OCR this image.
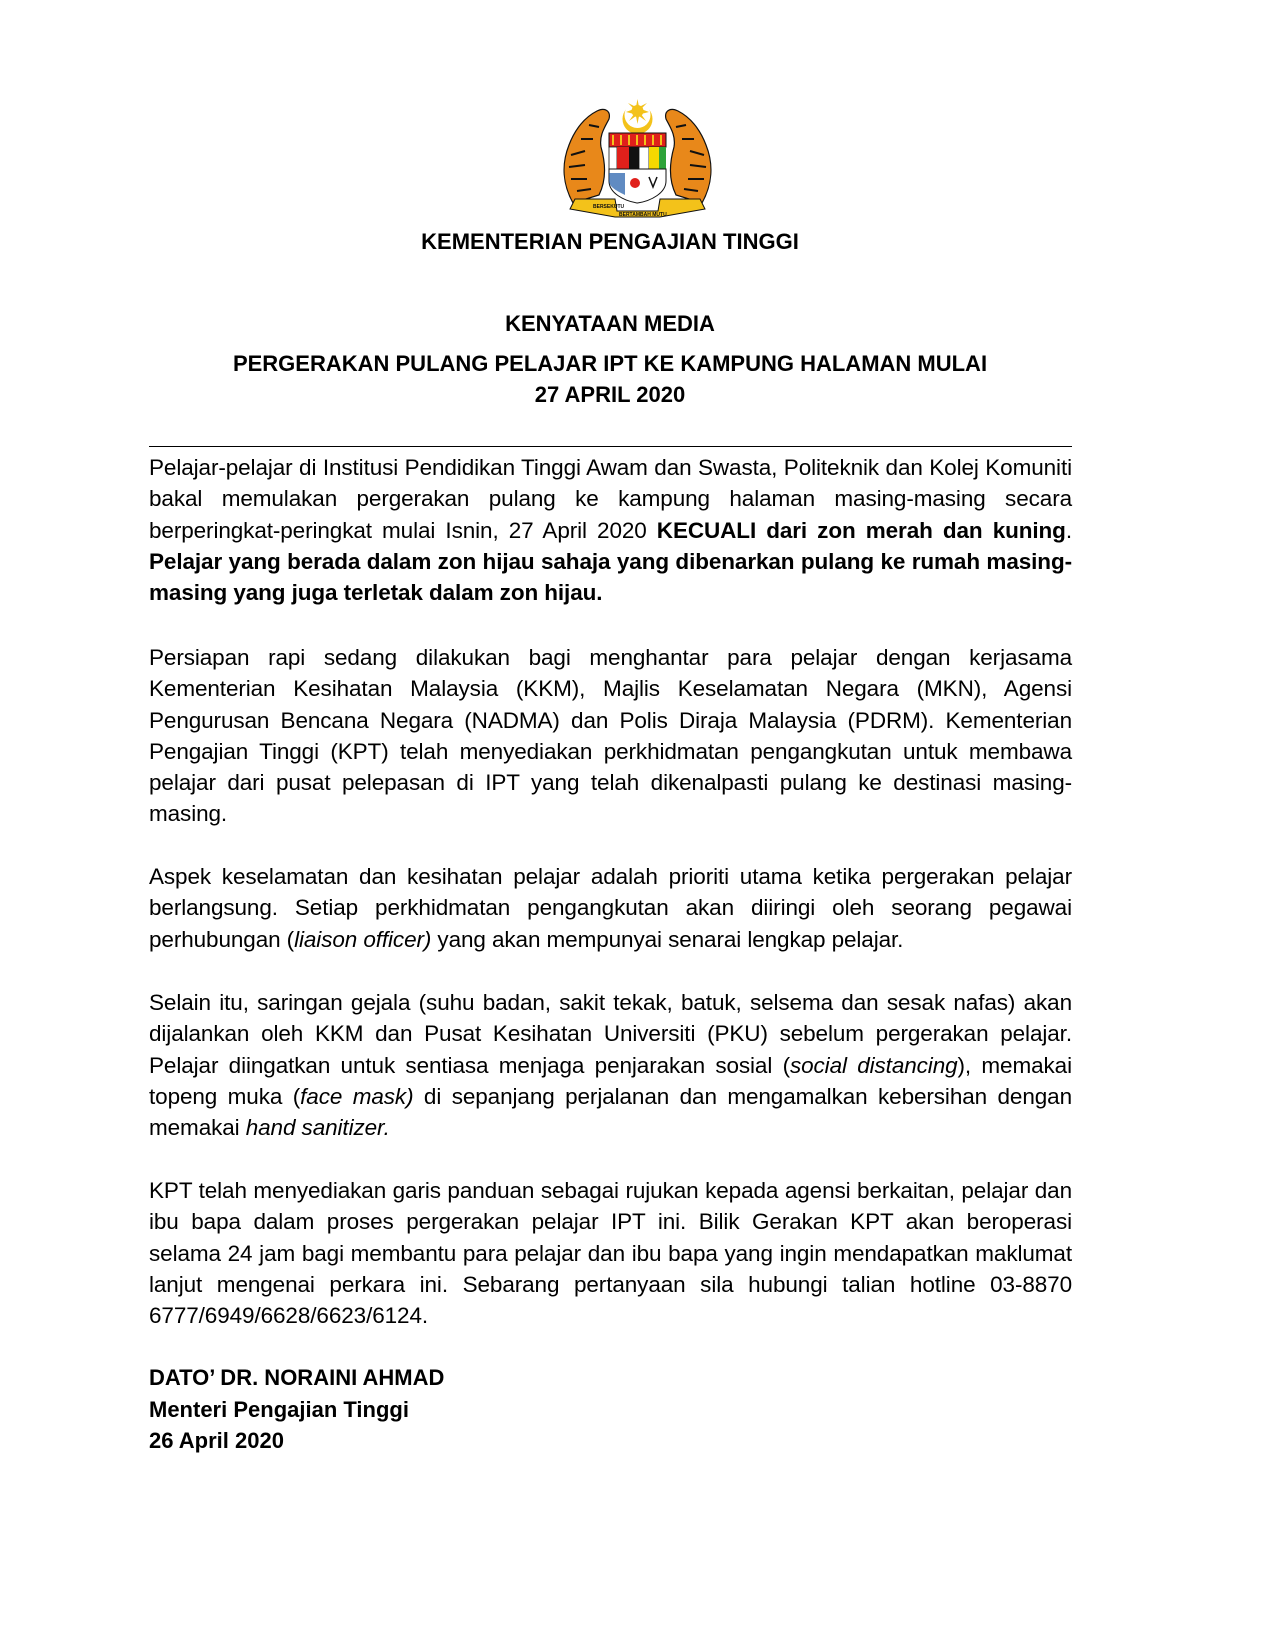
BERSEKUTU
BERTAMBAH MUTU
KEMENTERIAN PENGAJIAN TINGGI
KENYATAAN MEDIA
PERGERAKAN PULANG PELAJAR IPT KE KAMPUNG HALAMAN MULAI
27 APRIL 2020
Pelajar-pelajar di Institusi Pendidikan Tinggi Awam dan Swasta, Politeknik dan Kolej Komuniti bakal memulakan pergerakan pulang ke kampung halaman masing-masing secara berperingkat-peringkat mulai Isnin, 27 April 2020 KECUALI dari zon merah dan kuning. Pelajar yang berada dalam zon hijau sahaja yang dibenarkan pulang ke rumah masing-masing yang juga terletak dalam zon hijau.
Persiapan rapi sedang dilakukan bagi menghantar para pelajar dengan kerjasama Kementerian Kesihatan Malaysia (KKM), Majlis Keselamatan Negara (MKN), Agensi Pengurusan Bencana Negara (NADMA) dan Polis Diraja Malaysia (PDRM). Kementerian Pengajian Tinggi (KPT) telah menyediakan perkhidmatan pengangkutan untuk membawa pelajar dari pusat pelepasan di IPT yang telah dikenalpasti pulang ke destinasi masing-masing.
Aspek keselamatan dan kesihatan pelajar adalah prioriti utama ketika pergerakan pelajar berlangsung. Setiap perkhidmatan pengangkutan akan diiringi oleh seorang pegawai perhubungan (liaison officer) yang akan mempunyai senarai lengkap pelajar.
Selain itu, saringan gejala (suhu badan, sakit tekak, batuk, selsema dan sesak nafas) akan dijalankan oleh KKM dan Pusat Kesihatan Universiti (PKU) sebelum pergerakan pelajar. Pelajar diingatkan untuk sentiasa menjaga penjarakan sosial (social distancing), memakai topeng muka (face mask) di sepanjang perjalanan dan mengamalkan kebersihan dengan memakai hand sanitizer.
KPT telah menyediakan garis panduan sebagai rujukan kepada agensi berkaitan, pelajar dan ibu bapa dalam proses pergerakan pelajar IPT ini. Bilik Gerakan KPT akan beroperasi selama 24 jam bagi membantu para pelajar dan ibu bapa yang ingin mendapatkan maklumat lanjut mengenai perkara ini. Sebarang pertanyaan sila hubungi talian hotline 03-8870 6777/6949/6628/6623/6124.
DATO’ DR. NORAINI AHMAD
Menteri Pengajian Tinggi
26 April 2020
